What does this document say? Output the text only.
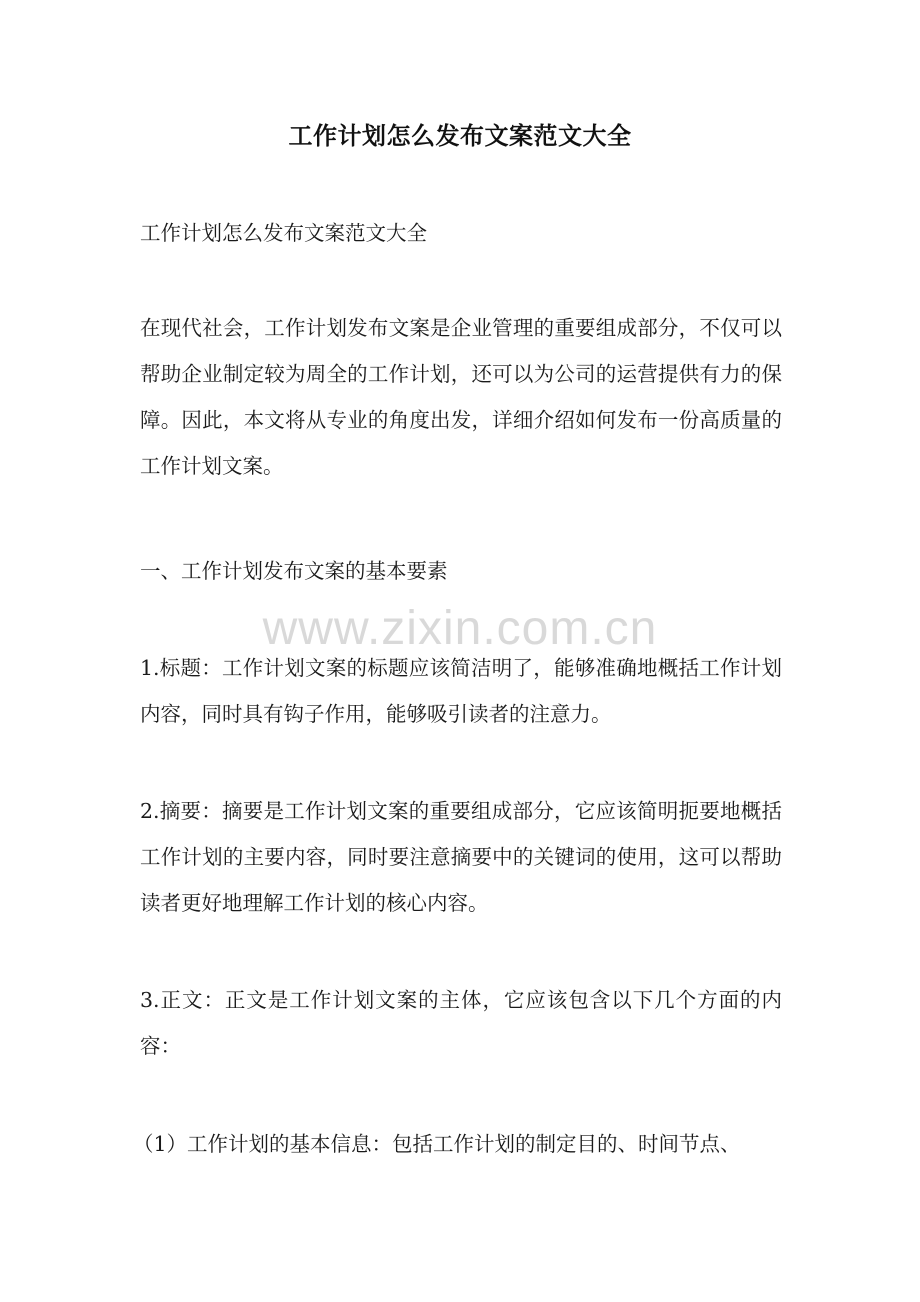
工作计划怎么发布文案范文大全
工作计划怎么发布文案范文大全
在现代社会，工作计划发布文案是企业管理的重要组成部分，不仅可以帮助企业制定较为周全的工作计划，还可以为公司的运营提供有力的保障。因此，本文将从专业的角度出发，详细介绍如何发布一份高质量的工作计划文案。
一、工作计划发布文案的基本要素
www.zixin.com.cn
1.标题：工作计划文案的标题应该简洁明了，能够准确地概括工作计划内容，同时具有钩子作用，能够吸引读者的注意力。
2.摘要：摘要是工作计划文案的重要组成部分，它应该简明扼要地概括工作计划的主要内容，同时要注意摘要中的关键词的使用，这可以帮助读者更好地理解工作计划的核心内容。
3.正文：正文是工作计划文案的主体，它应该包含以下几个方面的内容：
（1）工作计划的基本信息：包括工作计划的制定目的、时间节点、
